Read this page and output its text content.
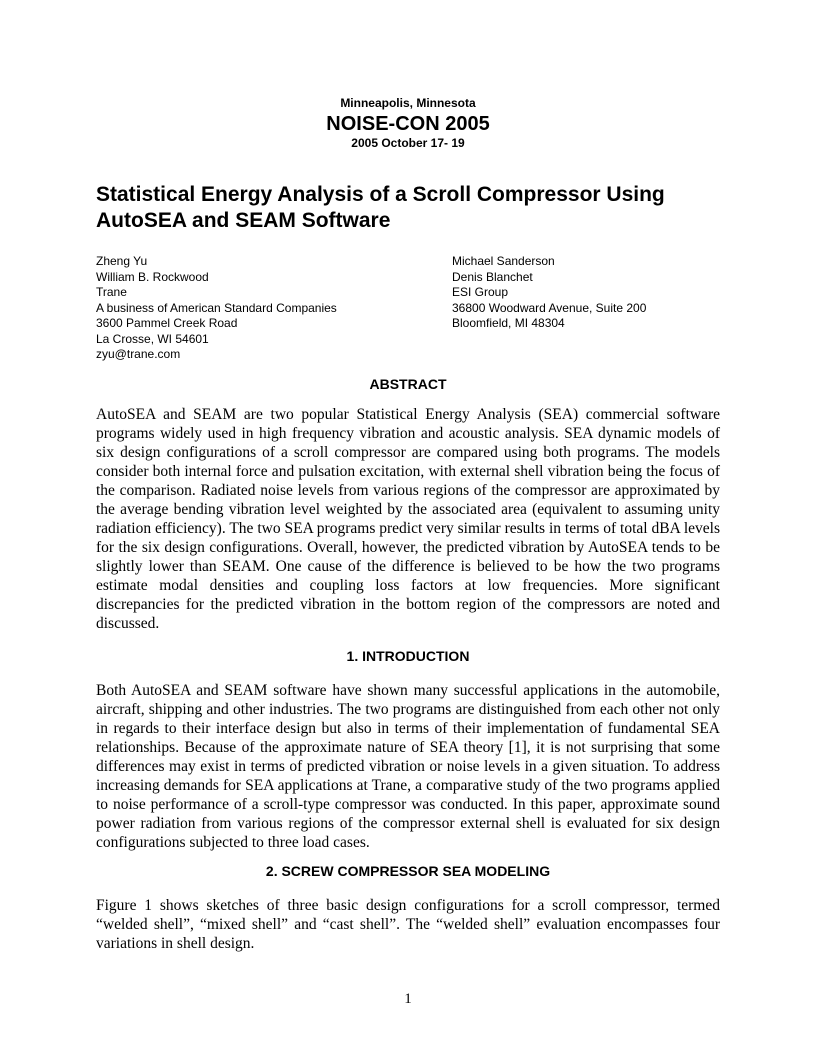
Minneapolis, Minnesota
NOISE-CON 2005
2005 October 17- 19
Statistical Energy Analysis of a Scroll Compressor Using AutoSEA and SEAM Software
Zheng Yu
William B. Rockwood
Trane
A business of American Standard Companies
3600 Pammel Creek Road
La Crosse, WI 54601
zyu@trane.com
Michael Sanderson
Denis Blanchet
ESI Group
36800 Woodward Avenue, Suite 200
Bloomfield, MI 48304
ABSTRACT

AutoSEA and SEAM are two popular Statistical Energy Analysis (SEA) commercial software programs widely used in high frequency vibration and acoustic analysis. SEA dynamic models of six design configurations of a scroll compressor are compared using both programs. The models consider both internal force and pulsation excitation, with external shell vibration being the focus of the comparison. Radiated noise levels from various regions of the compressor are approximated by the average bending vibration level weighted by the associated area (equivalent to assuming unity radiation efficiency). The two SEA programs predict very similar results in terms of total dBA levels for the six design configurations. Overall, however, the predicted vibration by AutoSEA tends to be slightly lower than SEAM. One cause of the difference is believed to be how the two programs estimate modal densities and coupling loss factors at low frequencies. More significant discrepancies for the predicted vibration in the bottom region of the compressors are noted and discussed.

1. INTRODUCTION

Both AutoSEA and SEAM software have shown many successful applications in the automobile, aircraft, shipping and other industries. The two programs are distinguished from each other not only in regards to their interface design but also in terms of their implementation of fundamental SEA relationships. Because of the approximate nature of SEA theory [1], it is not surprising that some differences may exist in terms of predicted vibration or noise levels in a given situation. To address increasing demands for SEA applications at Trane, a comparative study of the two programs applied to noise performance of a scroll-type compressor was conducted. In this paper, approximate sound power radiation from various regions of the compressor external shell is evaluated for six design configurations subjected to three load cases.

2. SCREW COMPRESSOR SEA MODELING

Figure 1 shows sketches of three basic design configurations for a scroll compressor, termed “welded shell”, “mixed shell” and “cast shell”. The “welded shell” evaluation encompasses four variations in shell design.

1
